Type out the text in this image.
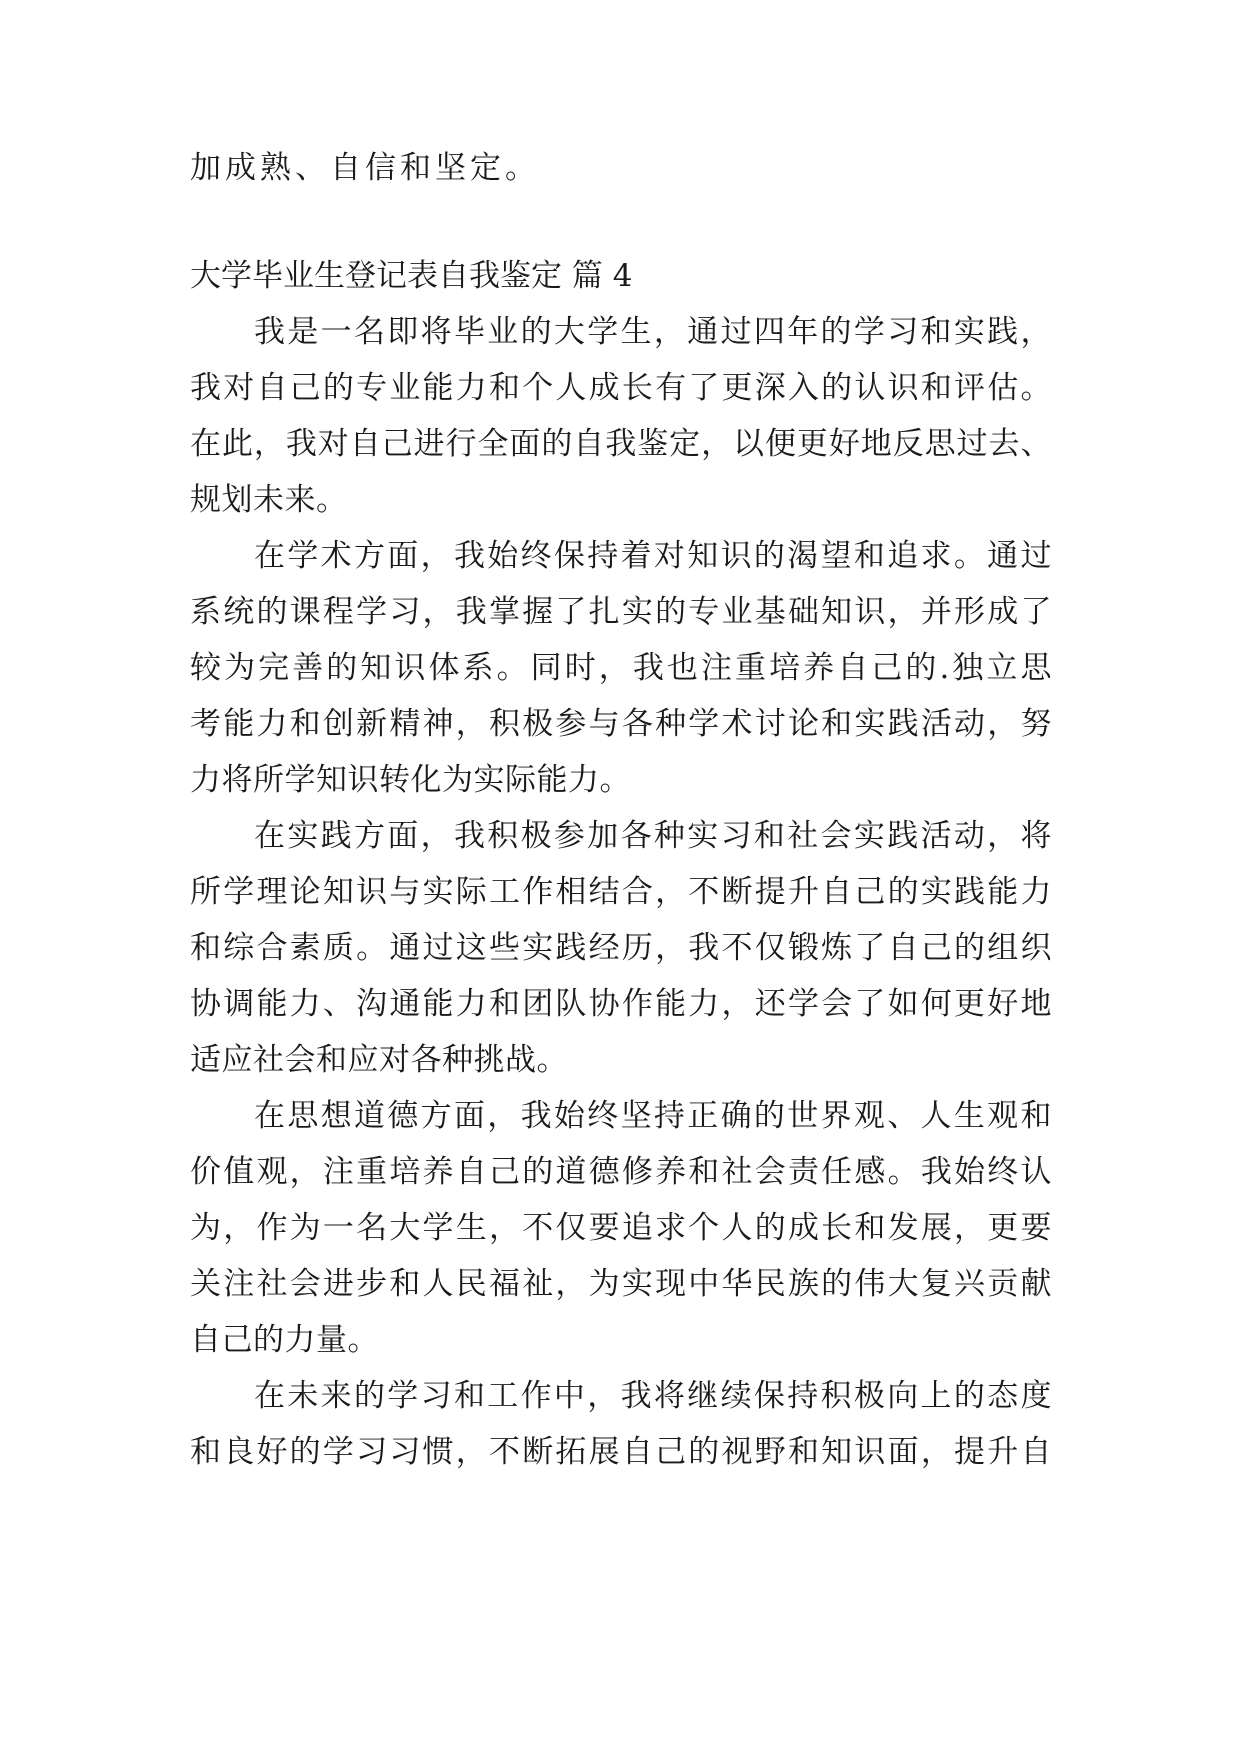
加成熟、自信和坚定。
大学毕业生登记表自我鉴定 篇 4
我是一名即将毕业的大学生，通过四年的学习和实践，
我对自己的专业能力和个人成长有了更深入的认识和评估。
在此，我对自己进行全面的自我鉴定，以便更好地反思过去、
规划未来。
在学术方面，我始终保持着对知识的渴望和追求。通过
系统的课程学习，我掌握了扎实的专业基础知识，并形成了
较为完善的知识体系。同时，我也注重培养自己的.独立思
考能力和创新精神，积极参与各种学术讨论和实践活动，努
力将所学知识转化为实际能力。
在实践方面，我积极参加各种实习和社会实践活动，将
所学理论知识与实际工作相结合，不断提升自己的实践能力
和综合素质。通过这些实践经历，我不仅锻炼了自己的组织
协调能力、沟通能力和团队协作能力，还学会了如何更好地
适应社会和应对各种挑战。
在思想道德方面，我始终坚持正确的世界观、人生观和
价值观，注重培养自己的道德修养和社会责任感。我始终认
为，作为一名大学生，不仅要追求个人的成长和发展，更要
关注社会进步和人民福祉，为实现中华民族的伟大复兴贡献
自己的力量。
在未来的学习和工作中，我将继续保持积极向上的态度
和良好的学习习惯，不断拓展自己的视野和知识面，提升自
